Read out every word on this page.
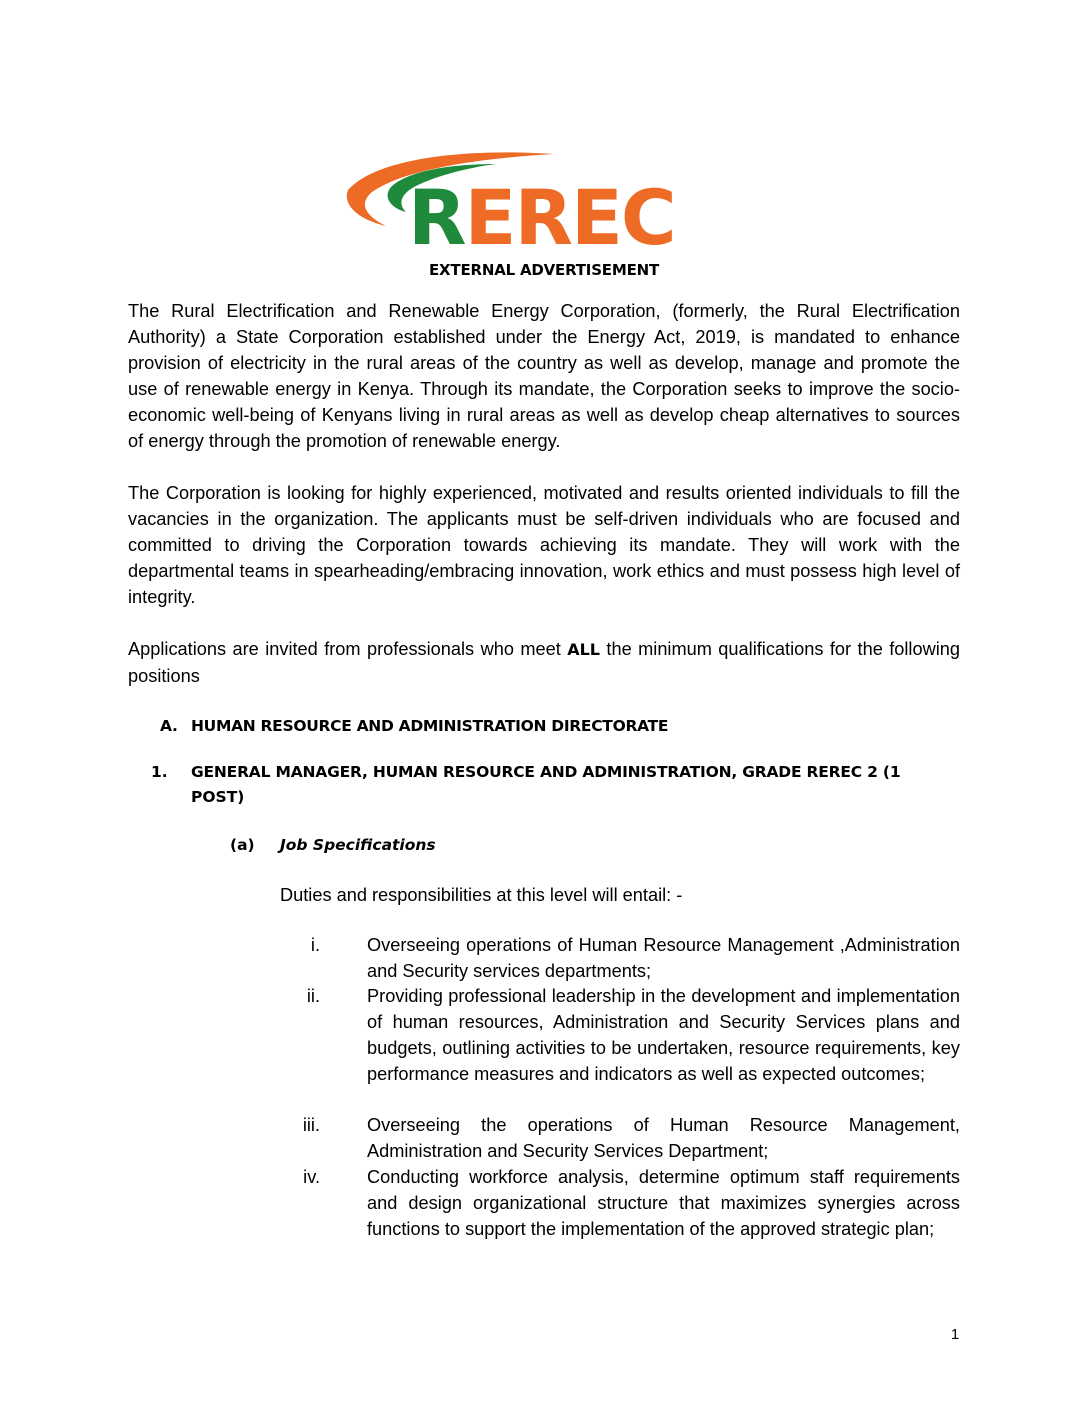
REREC
EXTERNAL ADVERTISEMENT

The Rural Electrification and Renewable Energy Corporation, (formerly, the Rural Electrification Authority) a State Corporation established under the Energy Act, 2019, is mandated to enhance provision of electricity in the rural areas of the country as well as develop, manage and promote the use of renewable energy in Kenya. Through its mandate, the Corporation seeks to improve the socio-economic well-being of Kenyans living in rural areas as well as develop cheap alternatives to sources of energy through the promotion of renewable energy.

The Corporation is looking for highly experienced, motivated and results oriented individuals to fill the vacancies in the organization. The applicants must be self-driven individuals who are focused and committed to driving the Corporation towards achieving its mandate. They will work with the departmental teams in spearheading/embracing innovation, work ethics and must possess high level of integrity.

Applications are invited from professionals who meet ALL the minimum qualifications for the following positions

A. HUMAN RESOURCE AND ADMINISTRATION DIRECTORATE
1. GENERAL MANAGER, HUMAN RESOURCE AND ADMINISTRATION, GRADE REREC 2 (1
POST)
(a) Job Specifications

Duties and responsibilities at this level will entail: -

i.	Overseeing operations of Human Resource Management ,Administration and Security services departments;

ii.	Providing professional leadership in the development and implementation of human resources, Administration and Security Services plans and budgets, outlining activities to be undertaken, resource requirements, key performance measures and indicators as well as expected outcomes;

iii.	Overseeing the operations of Human Resource Management, Administration and Security Services Department;

iv.	Conducting workforce analysis, determine optimum staff requirements and design organizational structure that maximizes synergies across functions to support the implementation of the approved strategic plan;

1
